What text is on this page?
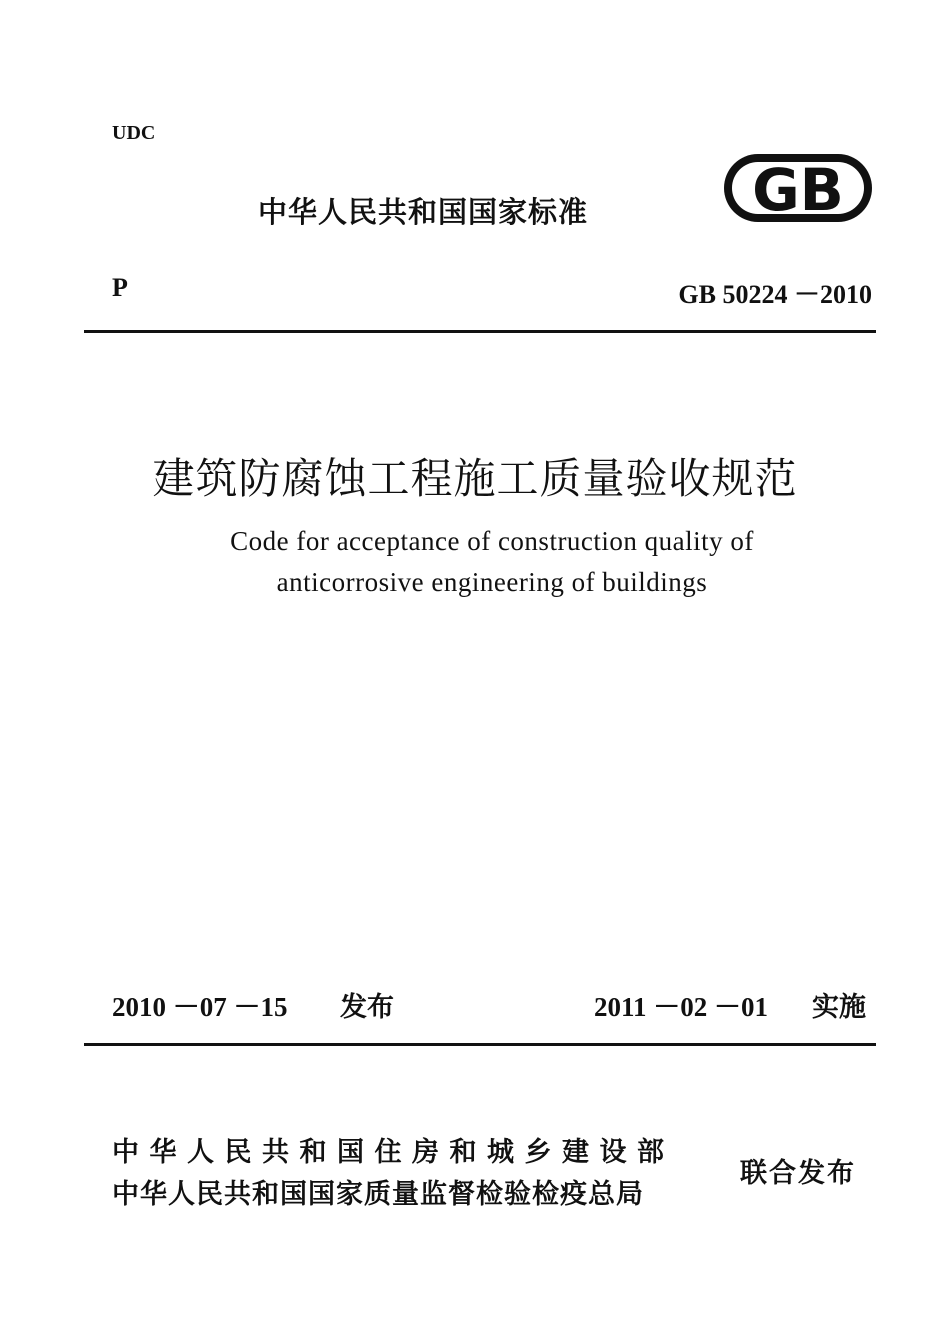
UDC
中华人民共和国国家标准	GB
P	GB 50224 －2010
建筑防腐蚀工程施工质量验收规范
Code for acceptance of construction quality of
anticorrosive engineering of buildings
2010 －07 －15 发布	2011 －02 －01 实施
中华人民共和国住房和城乡建设部
中华人民共和国国家质量监督检验检疫总局
联合发布
